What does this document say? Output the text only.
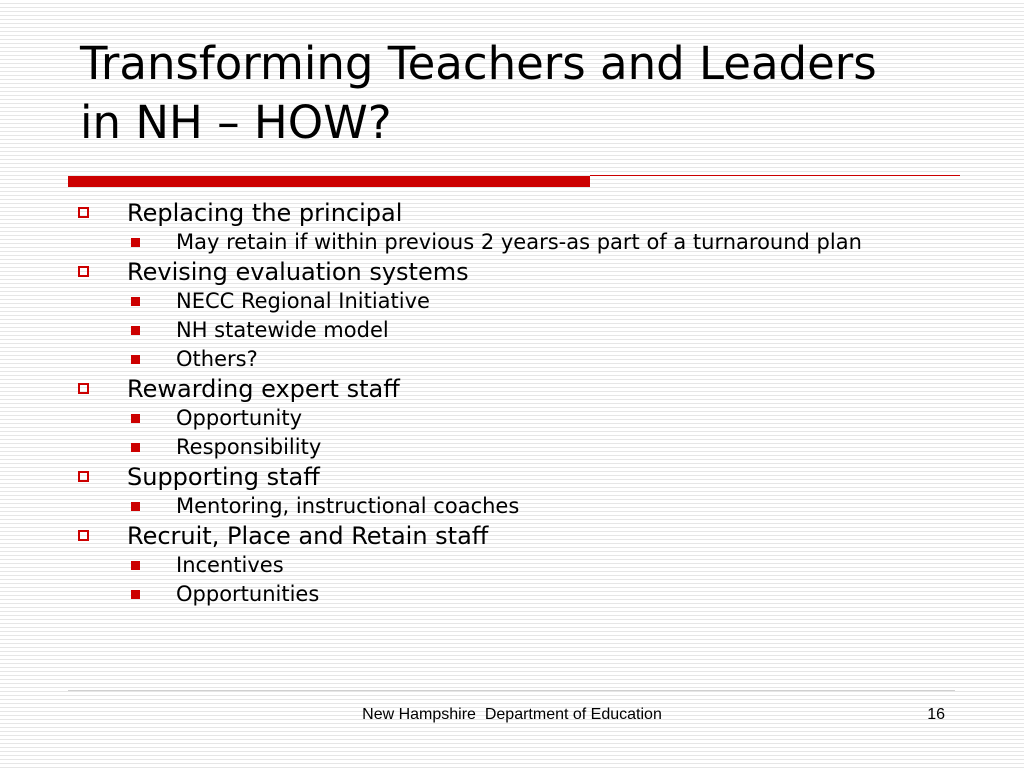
Transforming Teachers and Leaders
in NH – HOW?
Replacing the principal
May retain if within previous 2 years-as part of a turnaround plan
Revising evaluation systems
NECC Regional Initiative
NH statewide model
Others?
Rewarding expert staff
Opportunity
Responsibility
Supporting staff
Mentoring, instructional coaches
Recruit, Place and Retain staff
Incentives
Opportunities
New Hampshire  Department of Education	16
